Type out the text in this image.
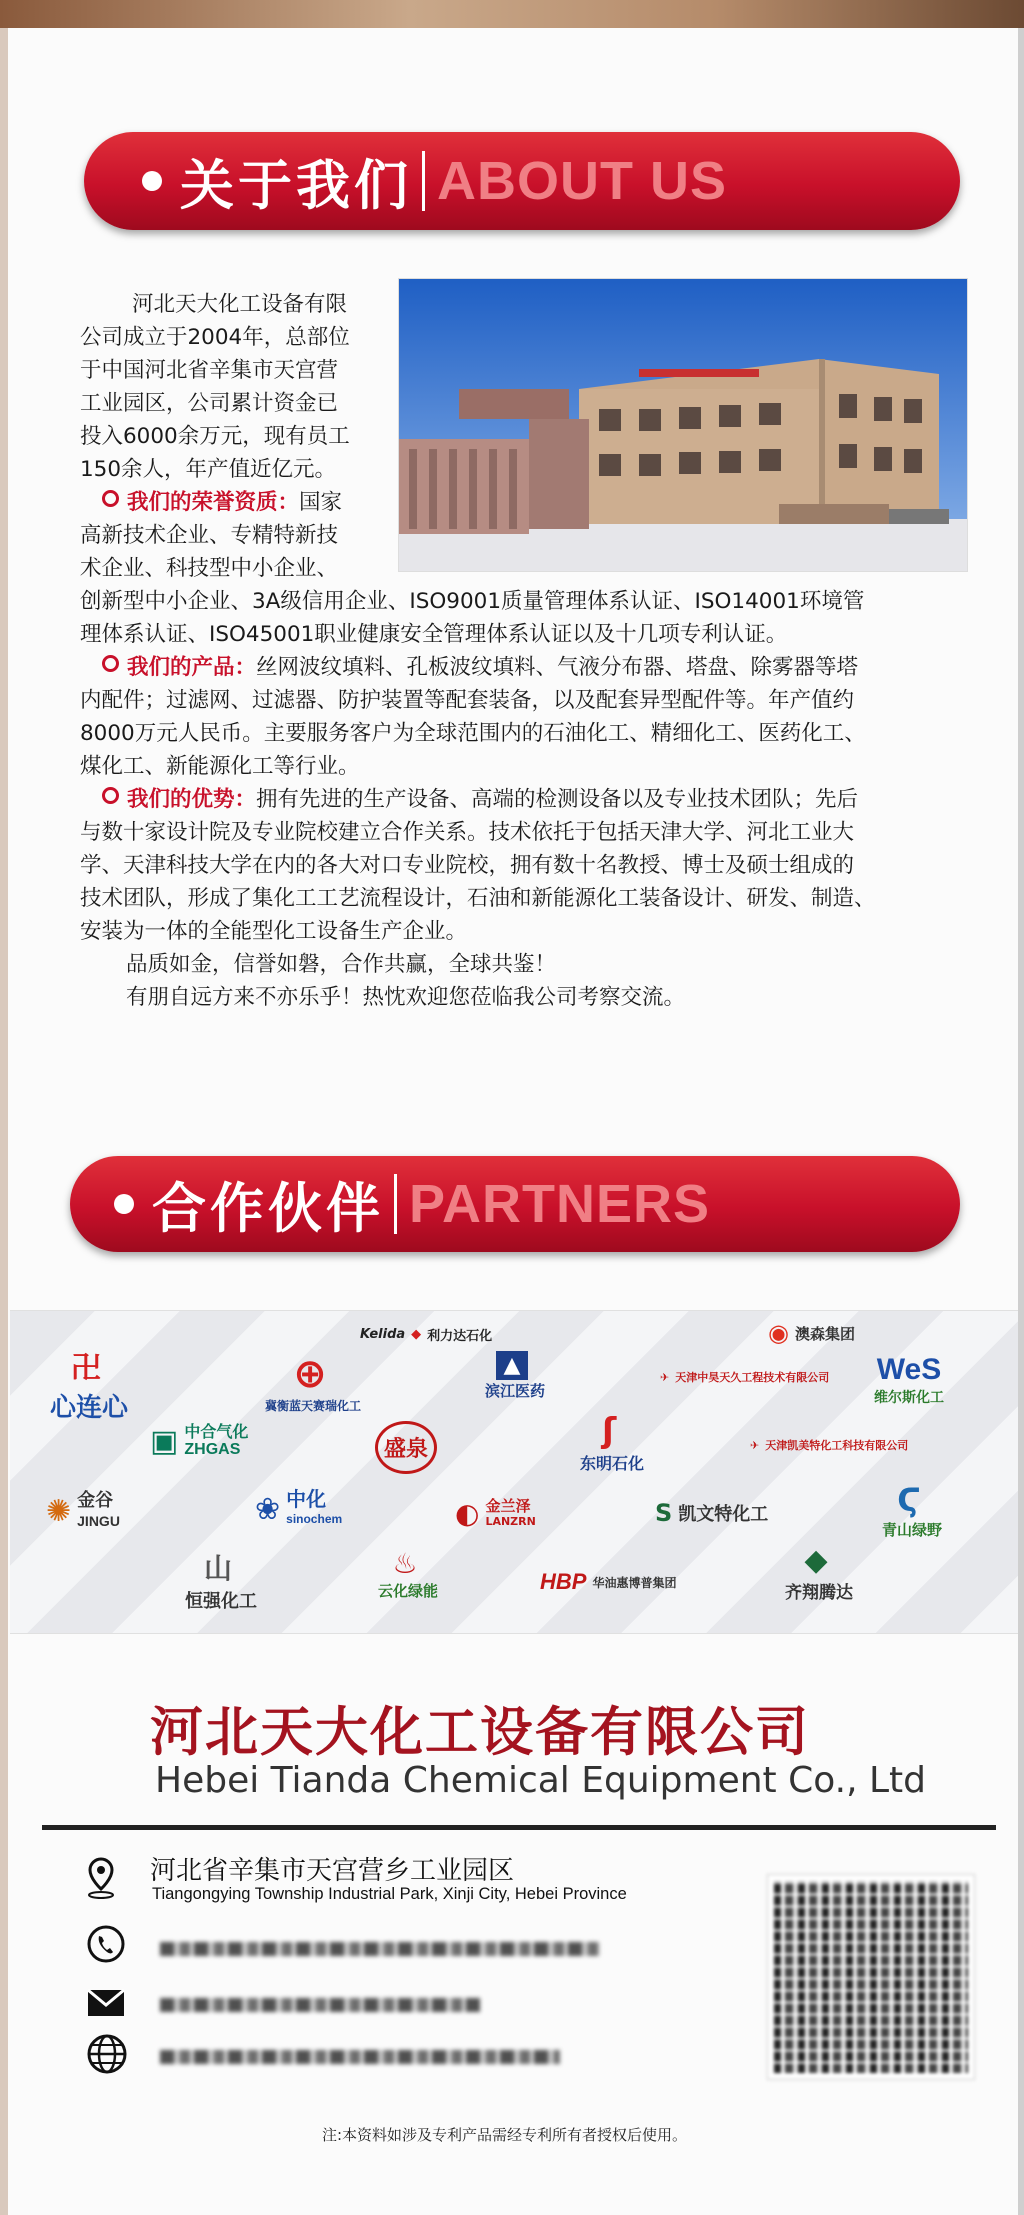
关于我们 ABOUT US

河北天大化工设备有限

公司成立于2004年，总部位

于中国河北省辛集市天宫营

工业园区，公司累计资金已

投入6000余万元，现有员工

150余人，年产值近亿元。

我们的荣誉资质：国家

高新技术企业、专精特新技

术企业、科技型中小企业、

创新型中小企业、3A级信用企业、ISO9001质量管理体系认证、ISO14001环境管

理体系认证、ISO45001职业健康安全管理体系认证以及十几项专利认证。

我们的产品：丝网波纹填料、孔板波纹填料、气液分布器、塔盘、除雾器等塔

内配件；过滤网、过滤器、防护装置等配套装备，以及配套异型配件等。年产值约

8000万元人民币。主要服务客户为全球范围内的石油化工、精细化工、医药化工、

煤化工、新能源化工等行业。

我们的优势：拥有先进的生产设备、高端的检测设备以及专业技术团队；先后

与数十家设计院及专业院校建立合作关系。技术依托于包括天津大学、河北工业大

学、天津科技大学在内的各大对口专业院校，拥有数十名教授、博士及硕士组成的

技术团队，形成了集化工工艺流程设计，石油和新能源化工装备设计、研发、制造、

安装为一体的全能型化工设备生产企业。

品质如金，信誉如磐，合作共赢，全球共鉴！

有朋自远方来不亦乐乎！热忱欢迎您莅临我公司考察交流。

合作伙伴 PARTNERS
卍
心连心
Kelida ◆ 利力达石化	◉ 澳森集团
⊕
冀衡蓝天赛瑞化工
▲
滨江医药
✈ 天津中昊天久工程技术有限公司 WeS
维尔斯化工
▣ 中合气化
ZHGAS	盛泉	ʃ
东明石化
✈ 天津凯美特化工科技有限公司
✺ 金谷
JINGU	❀ 中化
sinochem	◐ 金兰泽
LANZRN	S 凯文特化工	Ϛ
青山绿野
山
恒强化工
♨
云化绿能	HBP 华油惠博普集团
◆
齐翔腾达
河北天大化工设备有限公司
Hebei Tianda Chemical Equipment Co., Ltd
河北省辛集市天宫营乡工业园区
Tiangongying Township Industrial Park, Xinji City, Hebei Province
注:本资料如涉及专利产品需经专利所有者授权后使用。
